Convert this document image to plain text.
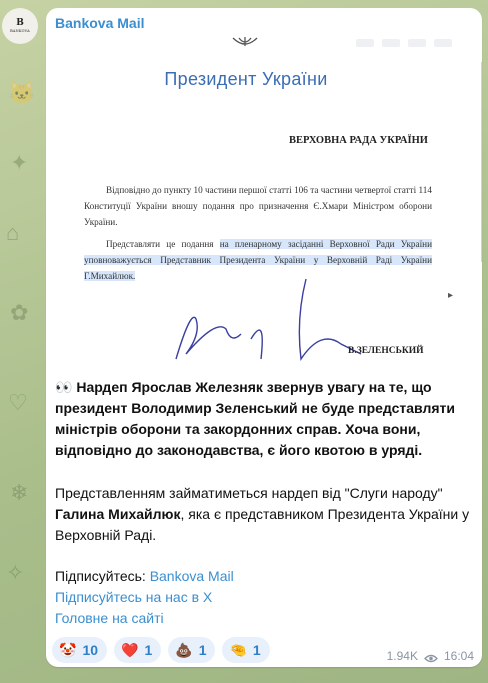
🐱
✦
⌂
✿
♡
❄
✧
B
BANKOVA Bankova Mail
Президент України
ВЕРХОВНА РАДА УКРАЇНИ
Відповідно до пункту 10 частини першої статті 106 та частини четвертої статті 114 Конституції України вношу подання про призначення Є.Хмари Міністром оборони України.
Представляти це подання на пленарному засіданні Верховної Ради України уповноважується Представник Президента України у Верховній Раді України Г.Михайлюк.
В.ЗЕЛЕНСЬКИЙ
▸
👀 Нардеп Ярослав Железняк звернув увагу на те, що президент Володимир Зеленський не буде представляти міністрів оборони та закордонних справ. Хоча вони, відповідно до законодавства, є його квотою в уряді.
Представленням займатиметься нардеп від "Слуги народу" Галина Михайлюк, яка є представником Президента України у Верховній Раді.
Підписуйтесь: Bankova Mail
Підписуйтесь на нас в Х
Головне на сайті
🤡 10 ❤️ 1 💩 1 🤏 1	1.94K 16:04
